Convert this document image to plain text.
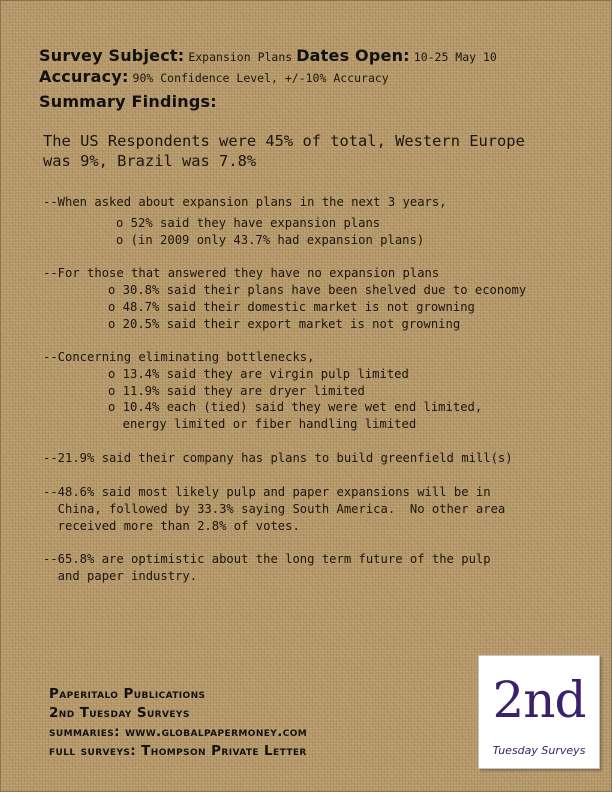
Survey Subject: Expansion Plans Dates Open: 10-25 May 10
Accuracy: 90% Confidence Level, +/-10% Accuracy
Summary Findings:
The US Respondents were 45% of total, Western Europe
was 9%, Brazil was 7.8%
--When asked about expansion plans in the next 3 years,
o 52% said they have expansion plans
o (in 2009 only 43.7% had expansion plans)
--For those that answered they have no expansion plans
o 30.8% said their plans have been shelved due to economy
o 48.7% said their domestic market is not growning
o 20.5% said their export market is not growning
--Concerning eliminating bottlenecks,
o 13.4% said they are virgin pulp limited
o 11.9% said they are dryer limited
o 10.4% each (tied) said they were wet end limited,
energy limited or fiber handling limited
--21.9% said their company has plans to build greenfield mill(s)
--48.6% said most likely pulp and paper expansions will be in
China, followed by 33.3% saying South America.  No other area
received more than 2.8% of votes.
--65.8% are optimistic about the long term future of the pulp
and paper industry.
Paperitalo Publications
2nd Tuesday Surveys
summaries: www.globalpapermoney.com
full surveys: Thompson Private Letter
2nd
Tuesday Surveys
